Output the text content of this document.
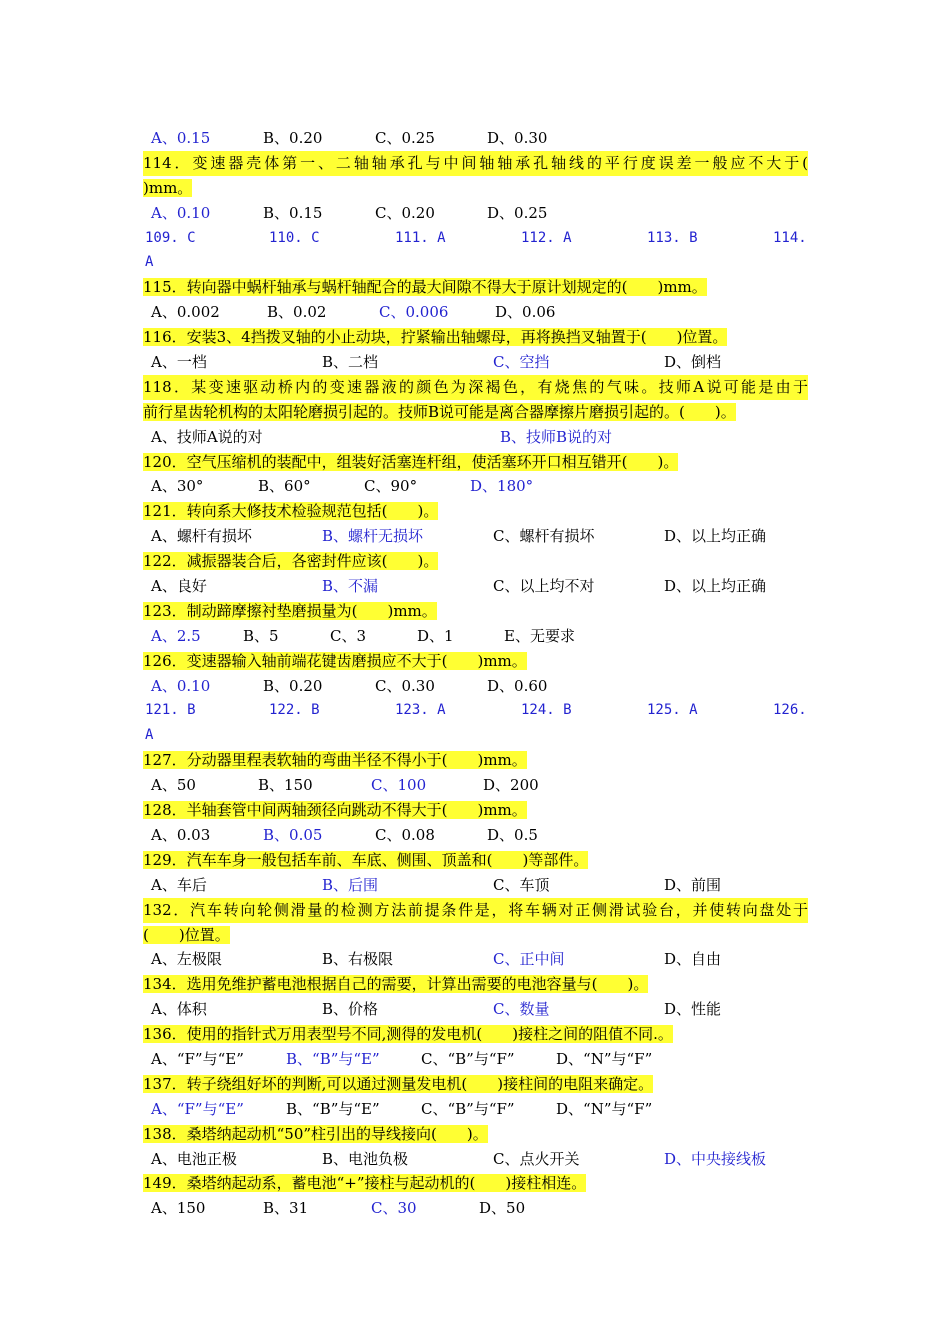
A、0.15	B、0.20	C、0.25	D、0.30
114．变速器壳体第一、二轴轴承孔与中间轴轴承孔轴线的平行度误差一般应不大于(
)mm。
A、0.10	B、0.15	C、0.20	D、0.25
109. C	110. C	111. A	112. A	113. B	114.
A
115．转向器中蜗杆轴承与蜗杆轴配合的最大间隙不得大于原计划规定的(　　)mm。
A、0.002	B、0.02	C、0.006	D、0.06
116．安装3、4挡拨叉轴的小止动块，拧紧输出轴螺母，再将换挡叉轴置于(　　)位置。
A、一档	B、二档	C、空挡	D、倒档
118．某变速驱动桥内的变速器液的颜色为深褐色，有烧焦的气味。技师A说可能是由于
前行星齿轮机构的太阳轮磨损引起的。技师B说可能是离合器摩擦片磨损引起的。(　　)。
A、技师A说的对	B、技师B说的对
120．空气压缩机的装配中，组装好活塞连杆组，使活塞环开口相互错开(　　)。
A、30°	B、60°	C、90°	D、180°
121．转向系大修技术检验规范包括(　　)。
A、螺杆有损坏	B、螺杆无损坏	C、螺杆有损坏	D、以上均正确
122．减振器装合后，各密封件应该(　　)。
A、良好	B、不漏	C、以上均不对	D、以上均正确
123．制动蹄摩擦衬垫磨损量为(　　)mm。
A、2.5	B、5	C、3	D、1	E、无要求
126．变速器输入轴前端花键齿磨损应不大于(　　)mm。
A、0.10	B、0.20	C、0.30	D、0.60
121. B	122. B	123. A	124. B	125. A	126.
A
127．分动器里程表软轴的弯曲半径不得小于(　　)mm。
A、50	B、150	C、100	D、200
128．半轴套管中间两轴颈径向跳动不得大于(　　)mm。
A、0.03	B、0.05	C、0.08	D、0.5
129．汽车车身一般包括车前、车底、侧围、顶盖和(　　)等部件。
A、车后	B、后围	C、车顶	D、前围
132．汽车转向轮侧滑量的检测方法前提条件是，将车辆对正侧滑试验台，并使转向盘处于
(　　)位置。
A、左极限	B、右极限	C、正中间	D、自由
134．选用免维护蓄电池根据自己的需要，计算出需要的电池容量与(　　)。
A、体积	B、价格	C、数量	D、性能
136．使用的指针式万用表型号不同,测得的发电机(　　)接柱之间的阻值不同.。
A、“F”与“E”	B、“B”与“E”	C、“B”与“F”	D、“N”与“F”
137．转子绕组好坏的判断,可以通过测量发电机(　　)接柱间的电阻来确定。
A、“F”与“E”	B、“B”与“E”	C、“B”与“F”	D、“N”与“F”
138．桑塔纳起动机“50”柱引出的导线接向(　　)。
A、电池正极	B、电池负极	C、点火开关	D、中央接线板
149．桑塔纳起动系，蓄电池“+”接柱与起动机的(　　)接柱相连。
A、150	B、31	C、30	D、50
